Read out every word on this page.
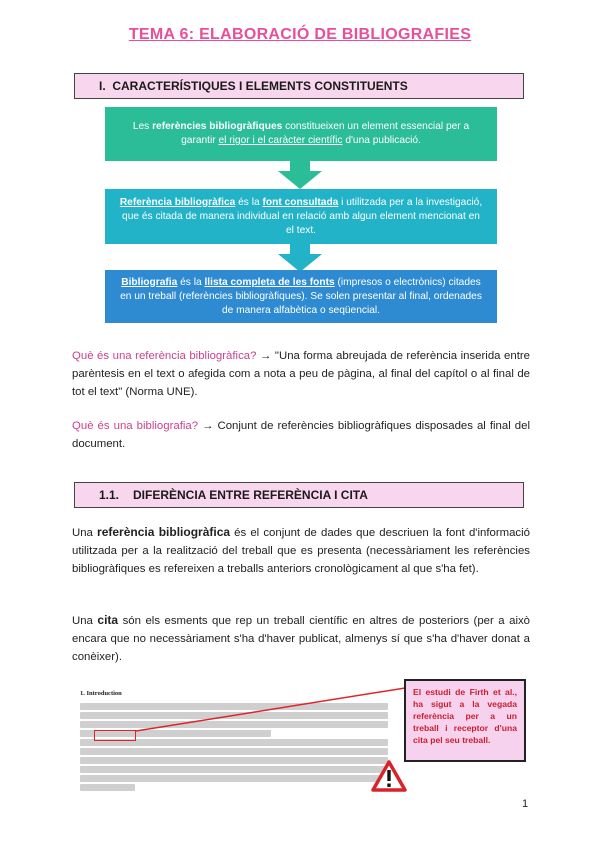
TEMA 6: ELABORACIÓ DE BIBLIOGRAFIES
I. CARACTERÍSTIQUES I ELEMENTS CONSTITUENTS
Les referències bibliogràfiques constitueixen un element essencial per a garantir el rigor i el caràcter científic d'una publicació.
Referència bibliogràfica és la font consultada i utilitzada per a la investigació, que és citada de manera individual en relació amb algun element mencionat en el text.
Bibliografia és la llista completa de les fonts (impresos o electrònics) citades en un treball (referències bibliogràfiques). Se solen presentar al final, ordenades de manera alfabètica o seqüencial.
Què és una referència bibliogràfica? → "Una forma abreujada de referència inserida entre parèntesis en el text o afegida com a nota a peu de pàgina, al final del capítol o al final de tot el text" (Norma UNE).
Què és una bibliografia? → Conjunt de referències bibliogràfiques disposades al final del document.
1.1. DIFERÈNCIA ENTRE REFERÈNCIA I CITA
Una referència bibliogràfica és el conjunt de dades que descriuen la font d'informació utilitzada per a la realització del treball que es presenta (necessàriament les referències bibliogràfiques es refereixen a treballs anteriors cronològicament al que s'ha fet).
Una cita són els esments que rep un treball científic en altres de posteriors (per a això encara que no necessàriament s'ha d'haver publicat, almenys sí que s'ha d'haver donat a conèixer).
1. Introduction	El estudi de Firth et al., ha sigut a la vegada referència per a un treball i receptor d'una cita pel seu treball.
1
